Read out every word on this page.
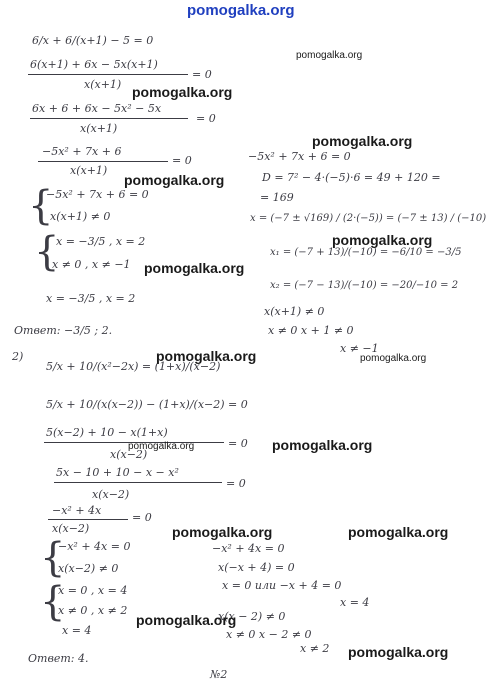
pomogalka.org
6/x + 6/(x+1) − 5 = 0
6(x+1) + 6x − 5x(x+1)
x(x+1)
= 0
6x + 6 + 6x − 5x² − 5x
x(x+1)
= 0
−5x² + 7x + 6
x(x+1)
= 0
{
−5x² + 7x + 6 = 0
x(x+1) ≠ 0
{
x = −3/5 , x = 2
x ≠ 0 , x ≠ −1
x = −3/5 , x = 2
Ответ: −3/5 ; 2.
2)
5/x + 10/(x²−2x) = (1+x)/(x−2)
5/x + 10/(x(x−2)) − (1+x)/(x−2) = 0
5(x−2) + 10 − x(1+x)
x(x−2)
= 0
5x − 10 + 10 − x − x²
x(x−2)
= 0
−x² + 4x
x(x−2)
= 0
{
−x² + 4x = 0
x(x−2) ≠ 0
{
x = 0 , x = 4
x ≠ 0 , x ≠ 2
x = 4
Ответ: 4.
№2
−5x² + 7x + 6 = 0
D = 7² − 4·(−5)·6 = 49 + 120 =
= 169
x = (−7 ± √169) / (2·(−5)) = (−7 ± 13) / (−10)
x₁ = (−7 + 13)/(−10) = −6/10 = −3/5
x₂ = (−7 − 13)/(−10) = −20/−10 = 2
x(x+1) ≠ 0
x ≠ 0 x + 1 ≠ 0
x ≠ −1
−x² + 4x = 0
x(−x + 4) = 0
x = 0 или −x + 4 = 0
x = 4
x(x − 2) ≠ 0
x ≠ 0 x − 2 ≠ 0
x ≠ 2
pomogalka.org
pomogalka.org
pomogalka.org
pomogalka.org
pomogalka.org
pomogalka.org
pomogalka.org	pomogalka.org
pomogalka.org	pomogalka.org
pomogalka.org	pomogalka.org
pomogalka.org
pomogalka.org
